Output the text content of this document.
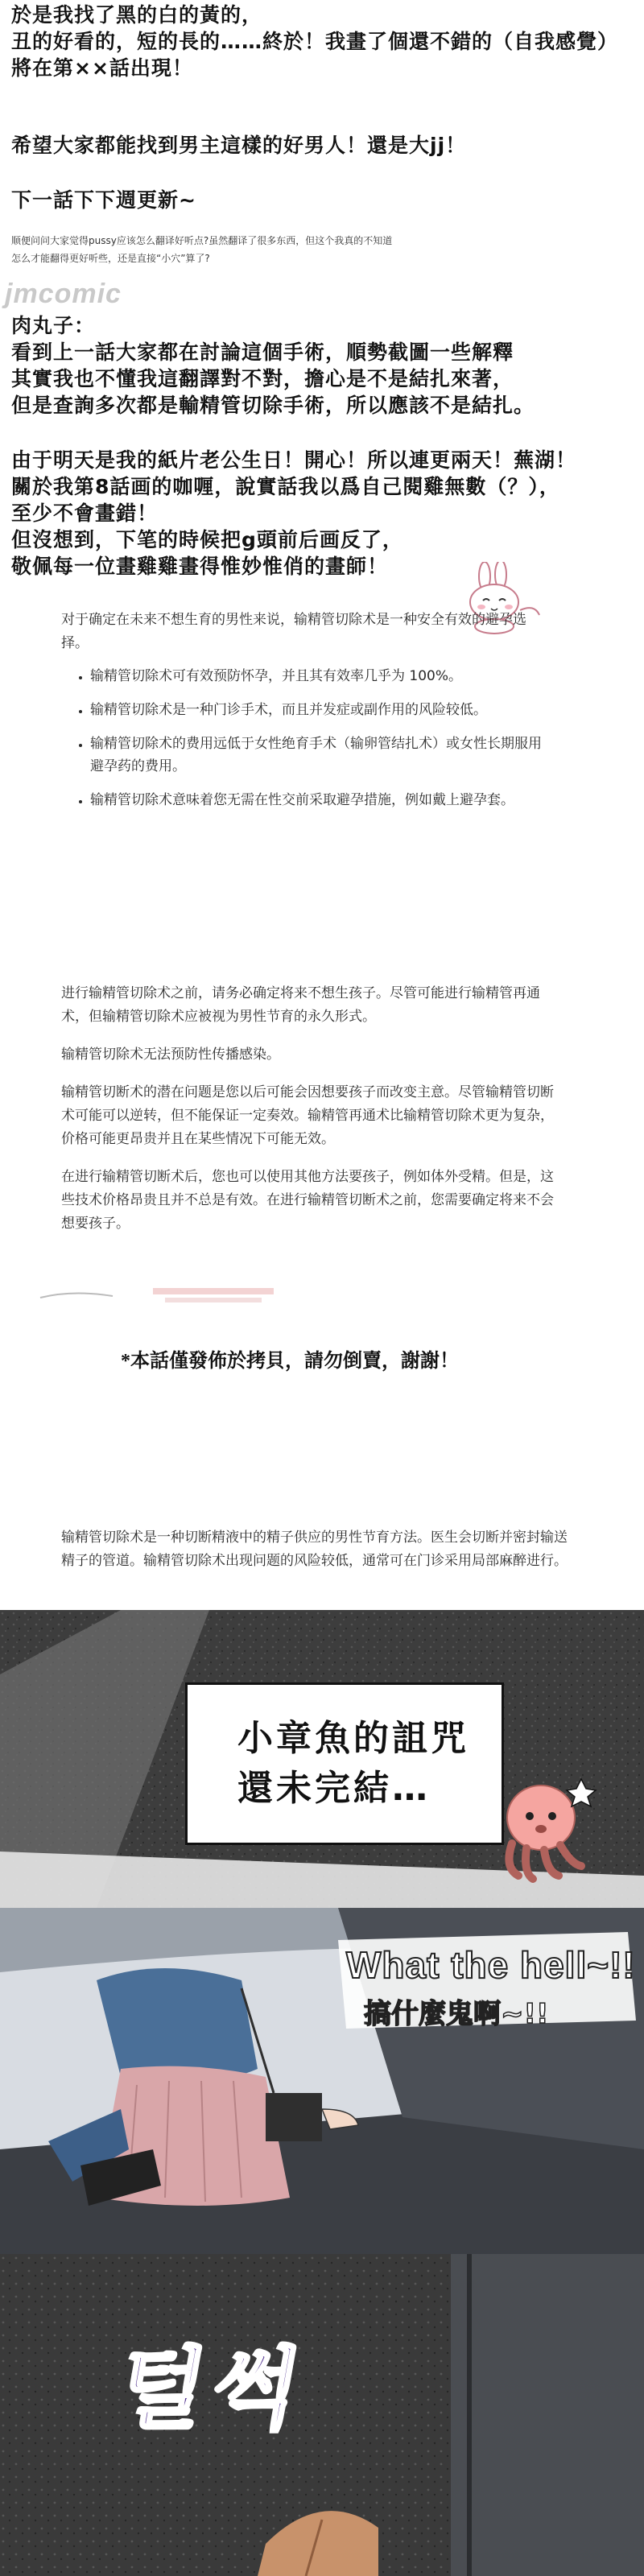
於是我找了黑的白的黃的，
丑的好看的，短的長的……終於！我畫了個還不錯的（自我感覺）
將在第××話出現！
希望大家都能找到男主這樣的好男人！還是大jj！
下一話下下週更新~
顺便问问大家觉得pussy应该怎么翻译好听点?虽然翻译了很多东西，但这个我真的不知道
怎么才能翻得更好听些，还是直接“小穴”算了?
jmcomic
肉丸子：
看到上一話大家都在討論這個手術，順勢截圖一些解釋
其實我也不懂我這翻譯對不對，擔心是不是結扎來著，
但是查詢多次都是輸精管切除手術，所以應該不是結扎。
由于明天是我的紙片老公生日！開心！所以連更兩天！蕪湖！
關於我第8話画的咖喱，說實話我以爲自己閱雞無數（？），
至少不會畫錯！
但沒想到，下笔的時候把g頭前后画反了，
敬佩每一位畫雞雞畫得惟妙惟俏的畫師！
对于确定在未来不想生育的男性来说，输精管切除术是一种安全有效的避孕选择。
• 输精管切除术可有效预防怀孕，并且其有效率几乎为 100%。
• 输精管切除术是一种门诊手术，而且并发症或副作用的风险较低。
• 输精管切除术的费用远低于女性绝育手术（输卵管结扎术）或女性长期服用避孕药的费用。
• 输精管切除术意味着您无需在性交前采取避孕措施，例如戴上避孕套。

进行输精管切除术之前，请务必确定将来不想生孩子。尽管可能进行输精管再通术，但输精管切除术应被视为男性节育的永久形式。

输精管切除术无法预防性传播感染。

输精管切断术的潜在问题是您以后可能会因想要孩子而改变主意。尽管输精管切断术可能可以逆转，但不能保证一定奏效。输精管再通术比输精管切除术更为复杂，价格可能更昂贵并且在某些情况下可能无效。

在进行输精管切断术后，您也可以使用其他方法要孩子，例如体外受精。但是，这些技术价格昂贵且并不总是有效。在进行输精管切断术之前，您需要确定将来不会想要孩子。

*本話僅發佈於拷貝，請勿倒賣，謝謝！

输精管切除术是一种切断精液中的精子供应的男性节育方法。医生会切断并密封输送精子的管道。输精管切除术出现问题的风险较低，通常可在门诊采用局部麻醉进行。

小章魚的詛咒
還未完結…
What the hell~!!
搞什麼鬼啊~!!
털썩
